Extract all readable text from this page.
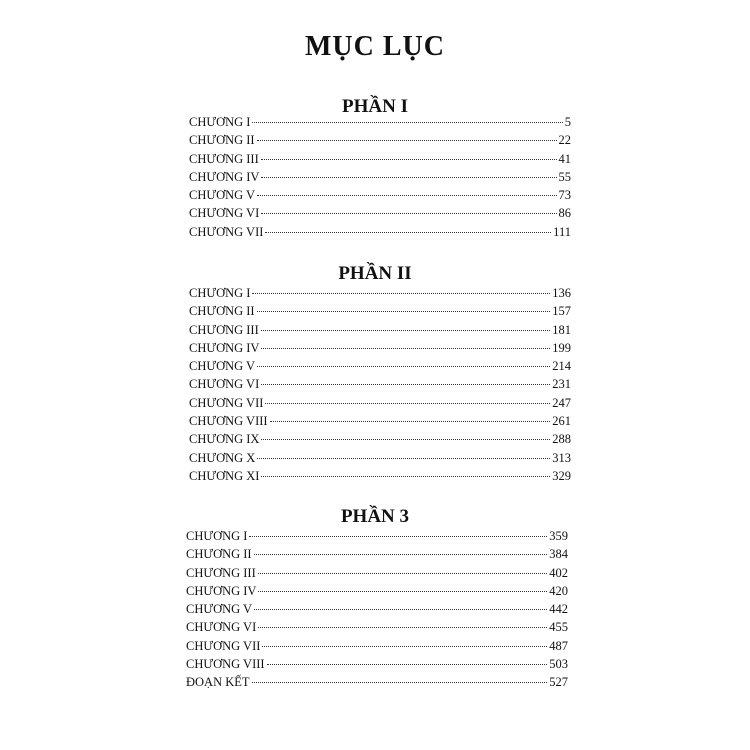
MỤC LỤC
PHẦN I
CHƯƠNG I	5
CHƯƠNG II	22
CHƯƠNG III	41
CHƯƠNG IV	55
CHƯƠNG V	73
CHƯƠNG VI	86
CHƯƠNG VII	111
PHẦN II
CHƯƠNG I	136
CHƯƠNG II	157
CHƯƠNG III	181
CHƯƠNG IV	199
CHƯƠNG V	214
CHƯƠNG VI	231
CHƯƠNG VII	247
CHƯƠNG VIII	261
CHƯƠNG IX	288
CHƯƠNG X	313
CHƯƠNG XI	329
PHẦN 3
CHƯƠNG I	359
CHƯƠNG II	384
CHƯƠNG III	402
CHƯƠNG IV	420
CHƯƠNG V	442
CHƯƠNG VI	455
CHƯƠNG VII	487
CHƯƠNG VIII	503
ĐOẠN KẾT	527
